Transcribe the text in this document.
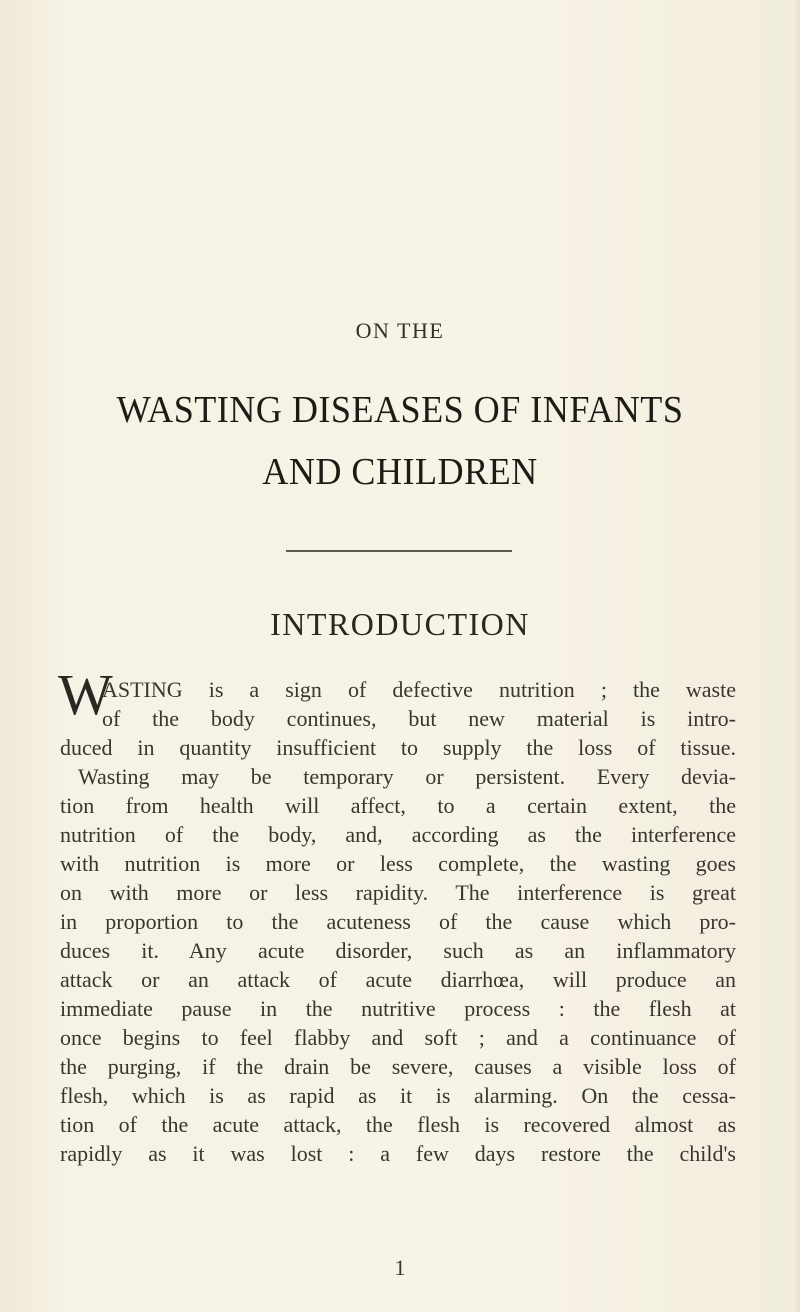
ON THE
WASTING DISEASES OF INFANTS
AND CHILDREN
INTRODUCTION
W
ASTING is a sign of defective nutrition ; the waste
of the body continues, but new material is intro-
duced in quantity insufficient to supply the loss of tissue.
Wasting may be temporary or persistent. Every devia-
tion from health will affect, to a certain extent, the
nutrition of the body, and, according as the interference
with nutrition is more or less complete, the wasting goes
on with more or less rapidity. The interference is great
in proportion to the acuteness of the cause which pro-
duces it. Any acute disorder, such as an inflammatory
attack or an attack of acute diarrhœa, will produce an
immediate pause in the nutritive process : the flesh at
once begins to feel flabby and soft ; and a continuance of
the purging, if the drain be severe, causes a visible loss of
flesh, which is as rapid as it is alarming. On the cessa-
tion of the acute attack, the flesh is recovered almost as
rapidly as it was lost : a few days restore the child's
1
